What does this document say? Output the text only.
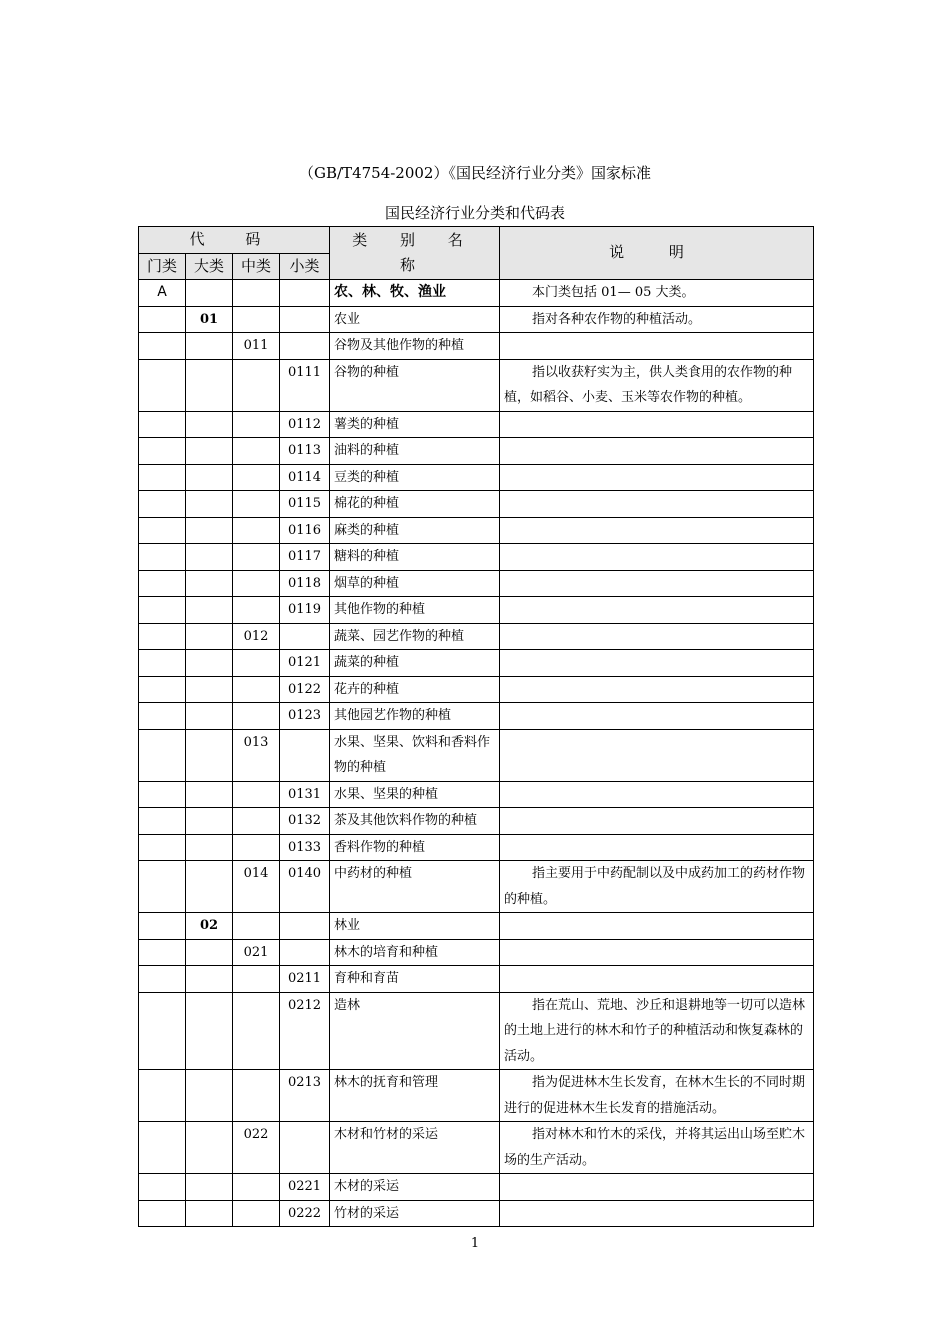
（GB/T4754-2002）《国民经济行业分类》国家标准
国民经济行业分类和代码表
代 码				类 别 名 称	说 明
门类	大类	中类	小类		
A				农、林、牧、渔业	本门类包括 01— 05 大类。
	01			农业	指对各种农作物的种植活动。
		011		谷物及其他作物的种植	
			0111	谷物的种植	指以收获籽实为主，供人类食用的农作物的种植，如稻谷、小麦、玉米等农作物的种植。
			0112	薯类的种植	
			0113	油料的种植	
			0114	豆类的种植	
			0115	棉花的种植	
			0116	麻类的种植	
			0117	糖料的种植	
			0118	烟草的种植	
			0119	其他作物的种植	
		012		蔬菜、园艺作物的种植	
			0121	蔬菜的种植	
			0122	花卉的种植	
			0123	其他园艺作物的种植	
		013		水果、坚果、饮料和香料作物的种植	
			0131	水果、坚果的种植	
			0132	茶及其他饮料作物的种植	
			0133	香料作物的种植	
		014	0140	中药材的种植	指主要用于中药配制以及中成药加工的药材作物的种植。
	02			林业	
		021		林木的培育和种植	
			0211	育种和育苗	
			0212	造林	指在荒山、荒地、沙丘和退耕地等一切可以造林的土地上进行的林木和竹子的种植活动和恢复森林的活动。
			0213	林木的抚育和管理	指为促进林木生长发育，在林木生长的不同时期进行的促进林木生长发育的措施活动。
		022		木材和竹材的采运	指对林木和竹木的采伐，并将其运出山场至贮木场的生产活动。
			0221	木材的采运	
			0222	竹材的采运	
1
